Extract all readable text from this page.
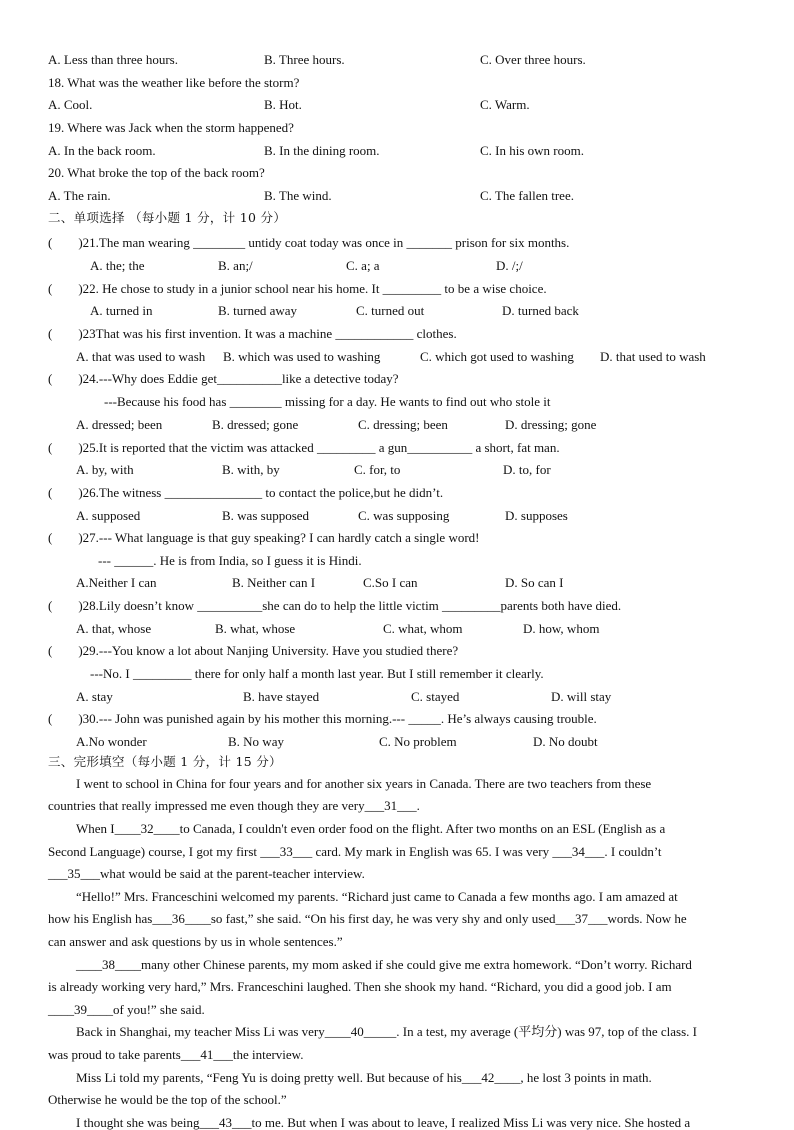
A. Less than three hours.	B. Three hours.	C. Over three hours.
18. What was the weather like before the storm?
A. Cool.	B. Hot.	C. Warm.
19. Where was Jack when the storm happened?
A. In the back room.	B. In the dining room.	C. In his own room.
20. What broke the top of the back room?
A. The rain.	B. The wind.	C. The fallen tree.
二、单项选择 （每小题 1 分，计 10 分）
(　　)21.The man wearing ________ untidy coat today was once in _______ prison for six months.
A. the; the	B. an;/	C. a; a	D. /;/
(　　)22. He chose to study in a junior school near his home. It _________ to be a wise choice.
A. turned in	B. turned away	C. turned out	D. turned back
(　　)23That was his first invention. It was a machine ____________ clothes.
A. that was used to wash B. which was used to washing	C. which got used to washing D. that used to wash
(　　)24.---Why does Eddie get__________like a detective today?
---Because his food has ________ missing for a day. He wants to find out who stole it
A. dressed; been	B. dressed; gone	C. dressing; been	D. dressing; gone
(　　)25.It is reported that the victim was attacked _________ a gun__________ a short, fat man.
A. by, with	B. with, by	C. for, to	D. to, for
(　　)26.The witness _______________ to contact the police,but he didn’t.
A. supposed	B. was supposed	C. was supposing	D. supposes
(　　)27.--- What language is that guy speaking? I can hardly catch a single word!
--- ______. He is from India, so I guess it is Hindi.
A.Neither I can	B. Neither can I	C.So I can	D. So can I
(　　)28.Lily doesn’t know __________she can do to help the little victim _________parents both have died.
A. that, whose	B. what, whose	C. what, whom	D. how, whom
(　　)29.---You know a lot about Nanjing University. Have you studied there?
---No. I _________ there for only half a month last year. But I still remember it clearly.
A. stay	B. have stayed	C. stayed	D. will stay
(　　)30.--- John was punished again by his mother this morning.--- _____. He’s always causing trouble.
A.No wonder	B. No way	C. No problem	D. No doubt
三、完形填空（每小题 1 分，计 15 分）
I went to school in China for four years and for another six years in Canada. There are two teachers from these
countries that really impressed me even though they are very___31___.
When I____32____to Canada, I couldn't even order food on the flight. After two months on an ESL (English as a
Second Language) course, I got my first ___33___ card. My mark in English was 65. I was very ___34___. I couldn’t
___35___what would be said at the parent-teacher interview.
“Hello!” Mrs. Franceschini welcomed my parents. “Richard just came to Canada a few months ago. I am amazed at
how his English has___36____so fast,” she said. “On his first day, he was very shy and only used___37___words. Now he
can answer and ask questions by us in whole sentences.”
____38____many other Chinese parents, my mom asked if she could give me extra homework. “Don’t worry. Richard
is already working very hard,” Mrs. Franceschini laughed. Then she shook my hand. “Richard, you did a good job. I am
____39____of you!” she said.
Back in Shanghai, my teacher Miss Li was very____40_____. In a test, my average (平均分) was 97, top of the class. I
was proud to take parents___41___the interview.
Miss Li told my parents, “Feng Yu is doing pretty well. But because of his___42____, he lost 3 points in math.
Otherwise he would be the top of the school.”
I thought she was being___43___to me. But when I was about to leave, I realized Miss Li was very nice. She hosted a
